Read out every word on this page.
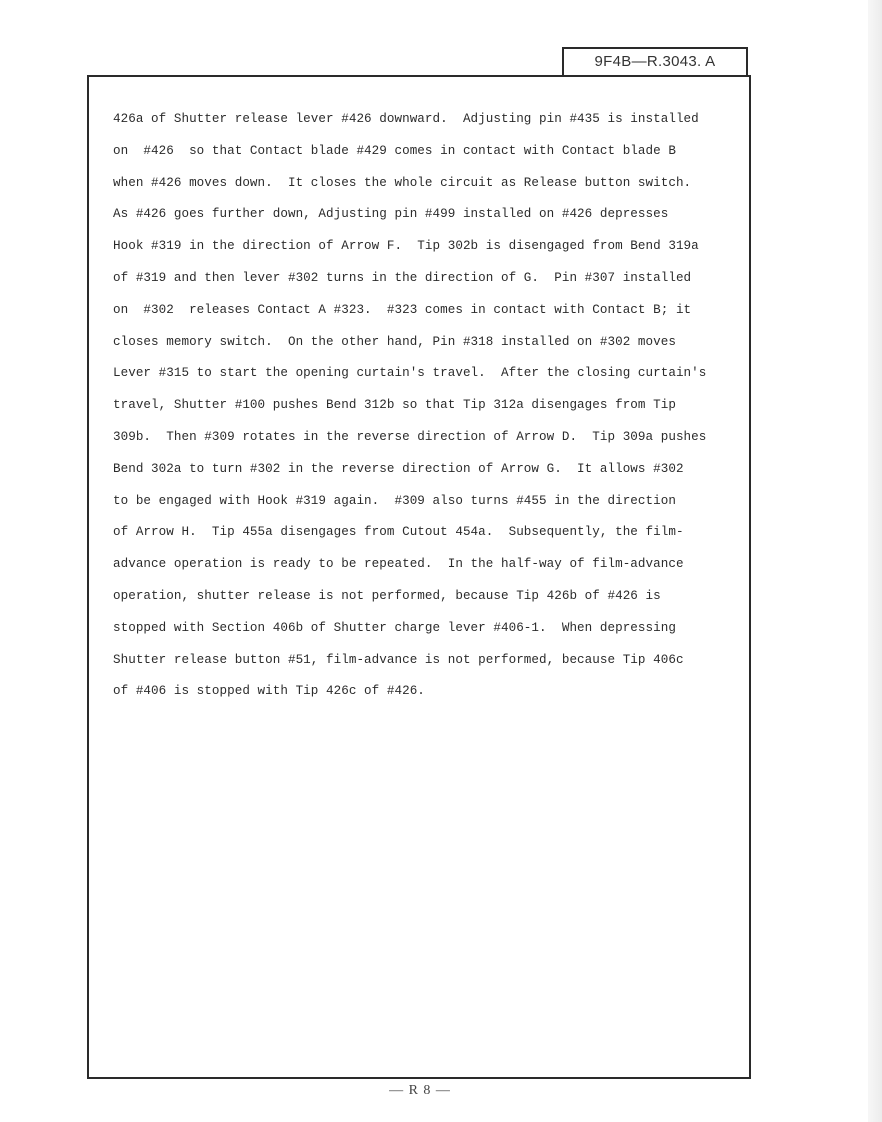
9F4B—R.3043. A
426a of Shutter release lever #426 downward.  Adjusting pin #435 is installed
on  #426  so that Contact blade #429 comes in contact with Contact blade B
when #426 moves down.  It closes the whole circuit as Release button switch.
As #426 goes further down, Adjusting pin #499 installed on #426 depresses
Hook #319 in the direction of Arrow F.  Tip 302b is disengaged from Bend 319a
of #319 and then lever #302 turns in the direction of G.  Pin #307 installed
on  #302  releases Contact A #323.  #323 comes in contact with Contact B; it
closes memory switch.  On the other hand, Pin #318 installed on #302 moves
Lever #315 to start the opening curtain's travel.  After the closing curtain's
travel, Shutter #100 pushes Bend 312b so that Tip 312a disengages from Tip
309b.  Then #309 rotates in the reverse direction of Arrow D.  Tip 309a pushes
Bend 302a to turn #302 in the reverse direction of Arrow G.  It allows #302
to be engaged with Hook #319 again.  #309 also turns #455 in the direction
of Arrow H.  Tip 455a disengages from Cutout 454a.  Subsequently, the film-
advance operation is ready to be repeated.  In the half-way of film-advance
operation, shutter release is not performed, because Tip 426b of #426 is
stopped with Section 406b of Shutter charge lever #406-1.  When depressing
Shutter release button #51, film-advance is not performed, because Tip 406c
of #406 is stopped with Tip 426c of #426.
— R 8 —
